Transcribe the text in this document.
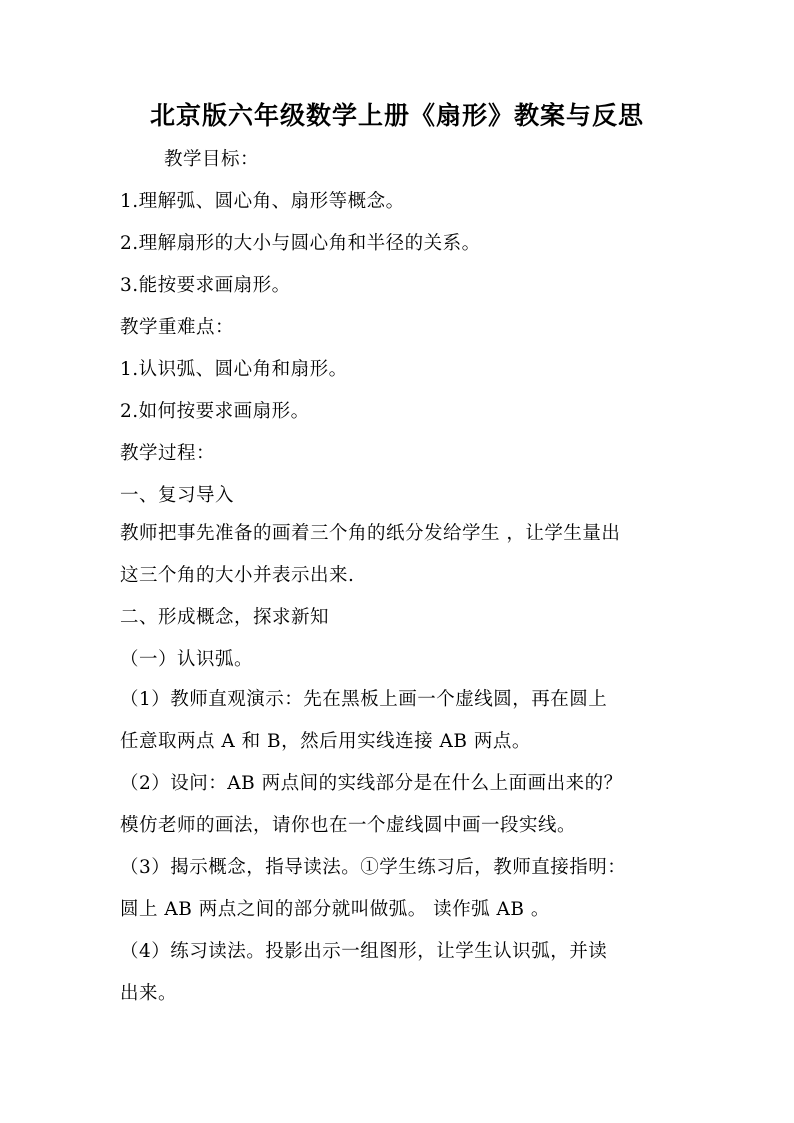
北京版六年级数学上册《扇形》教案与反思
教学目标：
1.理解弧、圆心角、扇形等概念。
2.理解扇形的大小与圆心角和半径的关系。
3.能按要求画扇形。
教学重难点：
1.认识弧、圆心角和扇形。
2.如何按要求画扇形。
教学过程：
一、复习导入
教师把事先准备的画着三个角的纸分发给学生 ，让学生量出
这三个角的大小并表示出来.
二、形成概念，探求新知
（一）认识弧。
（1）教师直观演示：先在黑板上画一个虚线圆，再在圆上
任意取两点 A 和 B，然后用实线连接 AB 两点。
（2）设问：AB 两点间的实线部分是在什么上面画出来的？
模仿老师的画法，请你也在一个虚线圆中画一段实线。
（3）揭示概念，指导读法。①学生练习后，教师直接指明：
圆上 AB 两点之间的部分就叫做弧。 读作弧 AB 。
（4）练习读法。投影出示一组图形，让学生认识弧，并读
出来。
